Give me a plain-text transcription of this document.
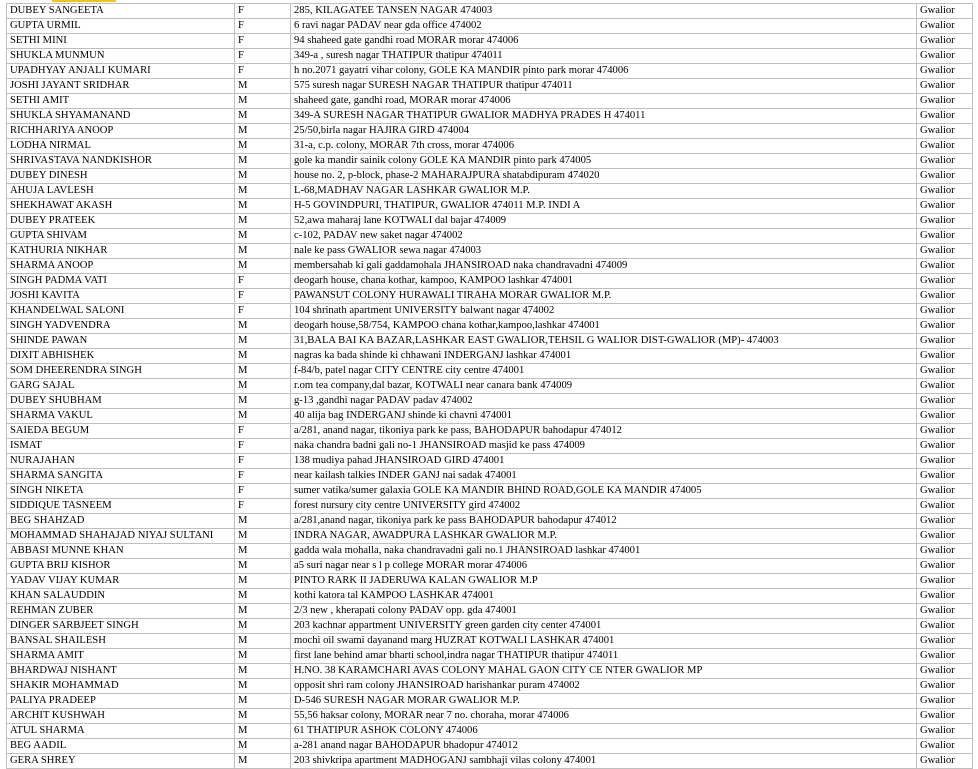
DUBEY SANGEETA	F	285, KILAGATEE TANSEN NAGAR 474003	Gwalior
GUPTA URMIL	F	6 ravi nagar PADAV near gda office 474002	Gwalior
SETHI MINI	F	94 shaheed gate gandhi road MORAR morar 474006	Gwalior
SHUKLA MUNMUN	F	349-a , suresh nagar THATIPUR thatipur 474011	Gwalior
UPADHYAY ANJALI KUMARI	F	h no.2071 gayatri vihar colony, GOLE KA MANDIR pinto park morar 474006	Gwalior
JOSHI JAYANT SRIDHAR	M	575 suresh nagar SURESH NAGAR THATIPUR thatipur 474011	Gwalior
SETHI AMIT	M	shaheed gate, gandhi road, MORAR morar 474006	Gwalior
SHUKLA SHYAMANAND	M	349-A SURESH NAGAR THATIPUR GWALIOR MADHYA PRADES H 474011	Gwalior
RICHHARIYA ANOOP	M	25/50,birla nagar HAJIRA GIRD 474004	Gwalior
LODHA NIRMAL	M	31-a, c.p. colony, MORAR 7th cross, morar 474006	Gwalior
SHRIVASTAVA NANDKISHOR	M	gole ka mandir sainik colony GOLE KA MANDIR pinto park 474005	Gwalior
DUBEY DINESH	M	house no. 2, p-block, phase-2 MAHARAJPURA shatabdipuram 474020	Gwalior
AHUJA LAVLESH	M	L-68,MADHAV NAGAR LASHKAR GWALIOR M.P.	Gwalior
SHEKHAWAT AKASH	M	H-5 GOVINDPURI, THATIPUR, GWALIOR 474011 M.P. INDI A	Gwalior
DUBEY PRATEEK	M	52,awa maharaj lane KOTWALI dal bajar 474009	Gwalior
GUPTA SHIVAM	M	c-102, PADAV new saket nagar 474002	Gwalior
KATHURIA NIKHAR	M	nale ke pass GWALIOR sewa nagar 474003	Gwalior
SHARMA ANOOP	M	membersahab ki gali gaddamohala JHANSIROAD naka chandravadni 474009	Gwalior
SINGH PADMA VATI	F	deogarh house, chana kothar, kampoo, KAMPOO lashkar 474001	Gwalior
JOSHI KAVITA	F	PAWANSUT COLONY HURAWALI TIRAHA MORAR GWALIOR M.P.	Gwalior
KHANDELWAL SALONI	F	104 shrinath apartment UNIVERSITY balwant nagar 474002	Gwalior
SINGH YADVENDRA	M	deogarh house,58/754, KAMPOO chana kothar,kampoo,lashkar 474001	Gwalior
SHINDE PAWAN	M	31,BALA BAI KA BAZAR,LASHKAR EAST GWALIOR,TEHSIL G WALIOR DIST-GWALIOR (MP)- 474003	Gwalior
DIXIT ABHISHEK	M	nagras ka bada shinde ki chhawani INDERGANJ lashkar 474001	Gwalior
SOM DHEERENDRA SINGH	M	f-84/b, patel nagar CITY CENTRE city centre 474001	Gwalior
GARG SAJAL	M	r.om tea company,dal bazar, KOTWALI near canara bank 474009	Gwalior
DUBEY SHUBHAM	M	g-13 ,gandhi nagar PADAV padav 474002	Gwalior
SHARMA VAKUL	M	40 alija bag INDERGANJ shinde ki chavni 474001	Gwalior
SAIEDA BEGUM	F	a/281, anand nagar, tikoniya park ke pass, BAHODAPUR bahodapur 474012	Gwalior
ISMAT	F	naka chandra badni gali no-1 JHANSIROAD masjid ke pass 474009	Gwalior
NURAJAHAN	F	138 mudiya pahad JHANSIROAD GIRD 474001	Gwalior
SHARMA SANGITA	F	near kailash talkies INDER GANJ nai sadak 474001	Gwalior
SINGH NIKETA	F	sumer vatika/sumer galaxia GOLE KA MANDIR BHIND ROAD,GOLE KA MANDIR 474005	Gwalior
SIDDIQUE TASNEEM	F	forest nursury city centre UNIVERSITY gird 474002	Gwalior
BEG SHAHZAD	M	a/281,anand nagar, tikoniya park ke pass BAHODAPUR bahodapur 474012	Gwalior
MOHAMMAD SHAHAJAD NIYAJ SULTANI	M	INDRA NAGAR, AWADPURA LASHKAR GWALIOR M.P.	Gwalior
ABBASI MUNNE KHAN	M	gadda wala mohalla, naka chandravadni gali no.1 JHANSIROAD lashkar 474001	Gwalior
GUPTA BRIJ KISHOR	M	a5 suri nagar near s l p college MORAR morar 474006	Gwalior
YADAV VIJAY KUMAR	M	PINTO RARK II JADERUWA KALAN GWALIOR M.P	Gwalior
KHAN SALAUDDIN	M	kothi katora tal KAMPOO LASHKAR 474001	Gwalior
REHMAN ZUBER	M	2/3 new , kherapati colony PADAV opp. gda 474001	Gwalior
DINGER SARBJEET SINGH	M	203 kachnar appartment UNIVERSITY green garden city center 474001	Gwalior
BANSAL SHAILESH	M	mochi oil swami dayanand marg HUZRAT KOTWALI LASHKAR 474001	Gwalior
SHARMA AMIT	M	first lane behind amar bharti school,indra nagar THATIPUR thatipur 474011	Gwalior
BHARDWAJ NISHANT	M	H.NO. 38 KARAMCHARI AVAS COLONY MAHAL GAON CITY CE NTER GWALIOR MP	Gwalior
SHAKIR MOHAMMAD	M	opposit shri ram colony JHANSIROAD harishankar puram 474002	Gwalior
PALIYA PRADEEP	M	D-546 SURESH NAGAR MORAR GWALIOR M.P.	Gwalior
ARCHIT KUSHWAH	M	55,56 haksar colony, MORAR near 7 no. choraha, morar 474006	Gwalior
ATUL SHARMA	M	61 THATIPUR ASHOK COLONY 474006	Gwalior
BEG AADIL	M	a-281 anand nagar BAHODAPUR bhadopur 474012	Gwalior
GERA SHREY	M	203 shivkripa apartment MADHOGANJ sambhaji vilas colony 474001	Gwalior
